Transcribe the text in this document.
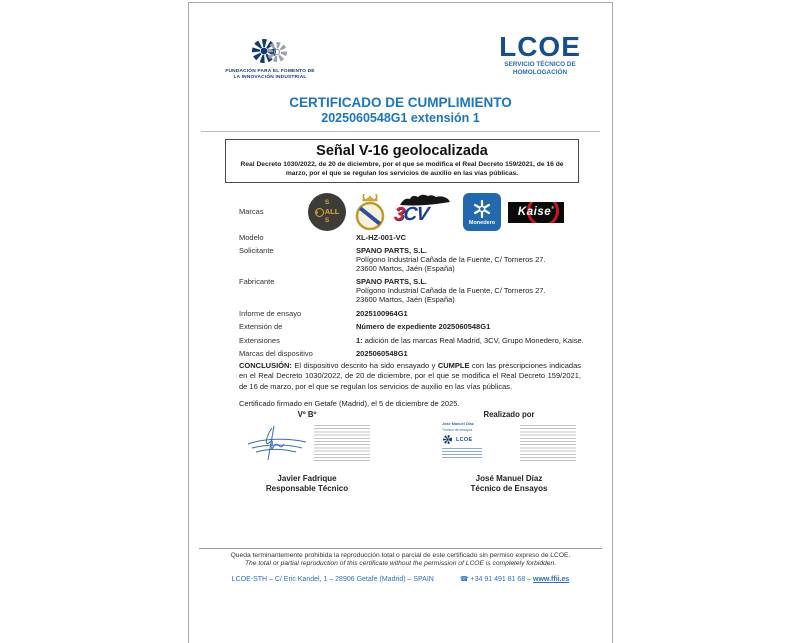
FUNDACIÓN PARA EL FOMENTO DE
LA INNOVACIÓN INDUSTRIAL
LCOE
SERVICIO TÉCNICO DE
HOMOLOGACIÓN
CERTIFICADO DE CUMPLIMIENTO
2025060548G1 extensión 1
Señal V-16 geolocalizada
Real Decreto 1030/2022, de 20 de diciembre, por el que se modifica el Real Decreto 159/2021, de 16 de marzo, por el que se regulan los servicios de auxilio en las vías públicas.
Marcas
S
ALL
S	3CV	Monedero
Kaise ®
Modelo	XL-HZ-001-VC
Solicitante	SPANO PARTS, S.L.
Polígono Industrial Cañada de la Fuente, C/ Torneros 27.
23600 Martos, Jaén (España)
Fabricante	SPANO PARTS, S.L.
Polígono Industrial Cañada de la Fuente, C/ Torneros 27.
23600 Martos, Jaén (España)
Informe de ensayo	2025100964G1
Extensión de	Número de expediente 2025060548G1
Extensiones	1: adición de las marcas Real Madrid, 3CV, Grupo Monedero, Kaise.
Marcas del dispositivo	2025060548G1
CONCLUSIÓN: El dispositivo descrito ha sido ensayado y CUMPLE con las prescripciones indicadas en el Real Decreto 1030/2022, de 20 de diciembre, por el que se modifica el Real Decreto 159/2021, de 16 de marzo, por el que se regulan los servicios de auxilio en las vías públicas.
Certificado firmado en Getafe (Madrid), el 5 de diciembre de 2025.
Vº Bº
Javier Fadrique
Responsable Técnico
Realizado por
José Manuel Díaz
Técnico de ensayos
LCOE
José Manuel Díaz
Técnico de Ensayos
Queda terminantemente prohibida la reproducción total o parcial de este certificado sin permiso expreso de LCOE.
The total or partial reproduction of this certificate without the permission of LCOE is completely forbidden.
LCOE-STH – C/ Eric Kandel, 1 – 28906 Getafe (Madrid) – SPAIN	☎ +34 91 491 81 68 – www.ffii.es
